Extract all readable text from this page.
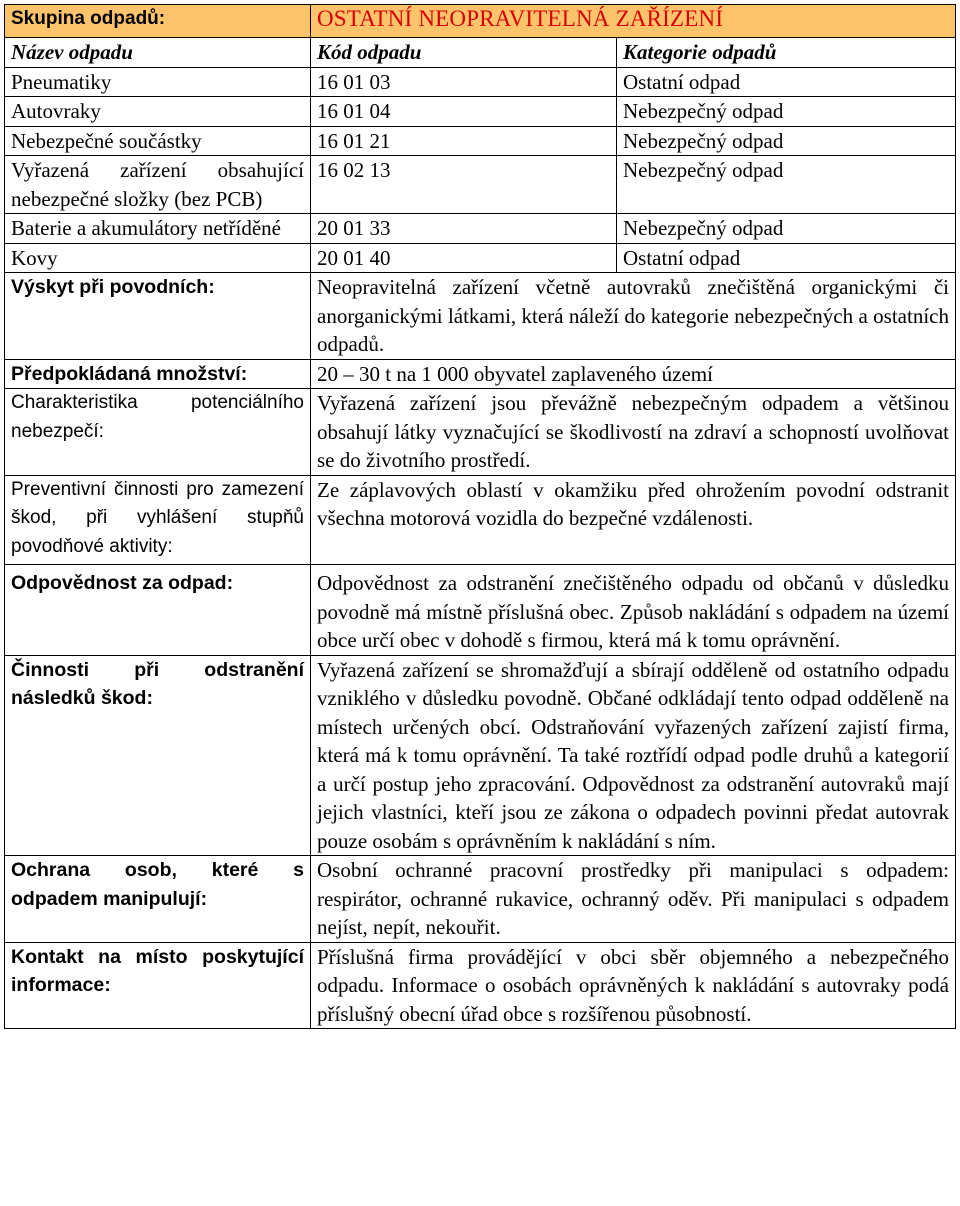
Skupina odpadů:	OSTATNÍ NEOPRAVITELNÁ ZAŘÍZENÍ	
Název odpadu	Kód odpadu	Kategorie odpadů
Pneumatiky	16 01 03	Ostatní odpad
Autovraky	16 01 04	Nebezpečný odpad
Nebezpečné součástky	16 01 21	Nebezpečný odpad
Vyřazená zařízení obsahující nebezpečné složky (bez PCB)	16 02 13	Nebezpečný odpad
Baterie a akumulátory netříděné	20 01 33	Nebezpečný odpad
Kovy	20 01 40	Ostatní odpad
Výskyt při povodních:	Neopravitelná zařízení včetně autovraků znečištěná organickými či anorganickými látkami, která náleží do kategorie nebezpečných a ostatních odpadů.	
Předpokládaná množství:	20 – 30 t na 1 000 obyvatel zaplaveného území	
Charakteristika potenciálního nebezpečí:	Vyřazená zařízení jsou převážně nebezpečným odpadem a většinou obsahují látky vyznačující se škodlivostí na zdraví a schopností uvolňovat se do životního prostředí.	
Preventivní činnosti pro zamezení škod, při vyhlášení stupňů povodňové aktivity:	Ze záplavových oblastí v okamžiku před ohrožením povodní odstranit všechna motorová vozidla do bezpečné vzdálenosti.	
Odpovědnost za odpad:	Odpovědnost za odstranění znečištěného odpadu od občanů v důsledku povodně má místně příslušná obec. Způsob nakládání s odpadem na území obce určí obec v dohodě s firmou, která má k tomu oprávnění.	
Činnosti při odstranění následků škod:	Vyřazená zařízení se shromažďují a sbírají odděleně od ostatního odpadu vzniklého v důsledku povodně. Občané odkládají tento odpad odděleně na místech určených obcí. Odstraňování vyřazených zařízení zajistí firma, která má k tomu oprávnění. Ta také roztřídí odpad podle druhů a kategorií a určí postup jeho zpracování. Odpovědnost za odstranění autovraků mají jejich vlastníci, kteří jsou ze zákona o odpadech povinni předat autovrak pouze osobám s oprávněním k nakládání s ním.	
Ochrana osob, které s odpadem manipulují:	Osobní ochranné pracovní prostředky při manipulaci s odpadem: respirátor, ochranné rukavice, ochranný oděv. Při manipulaci s odpadem nejíst, nepít, nekouřit.	
Kontakt na místo poskytující informace:	Příslušná firma provádějící v obci sběr objemného a nebezpečného odpadu. Informace o osobách oprávněných k nakládání s autovraky podá příslušný obecní úřad obce s rozšířenou působností.	
